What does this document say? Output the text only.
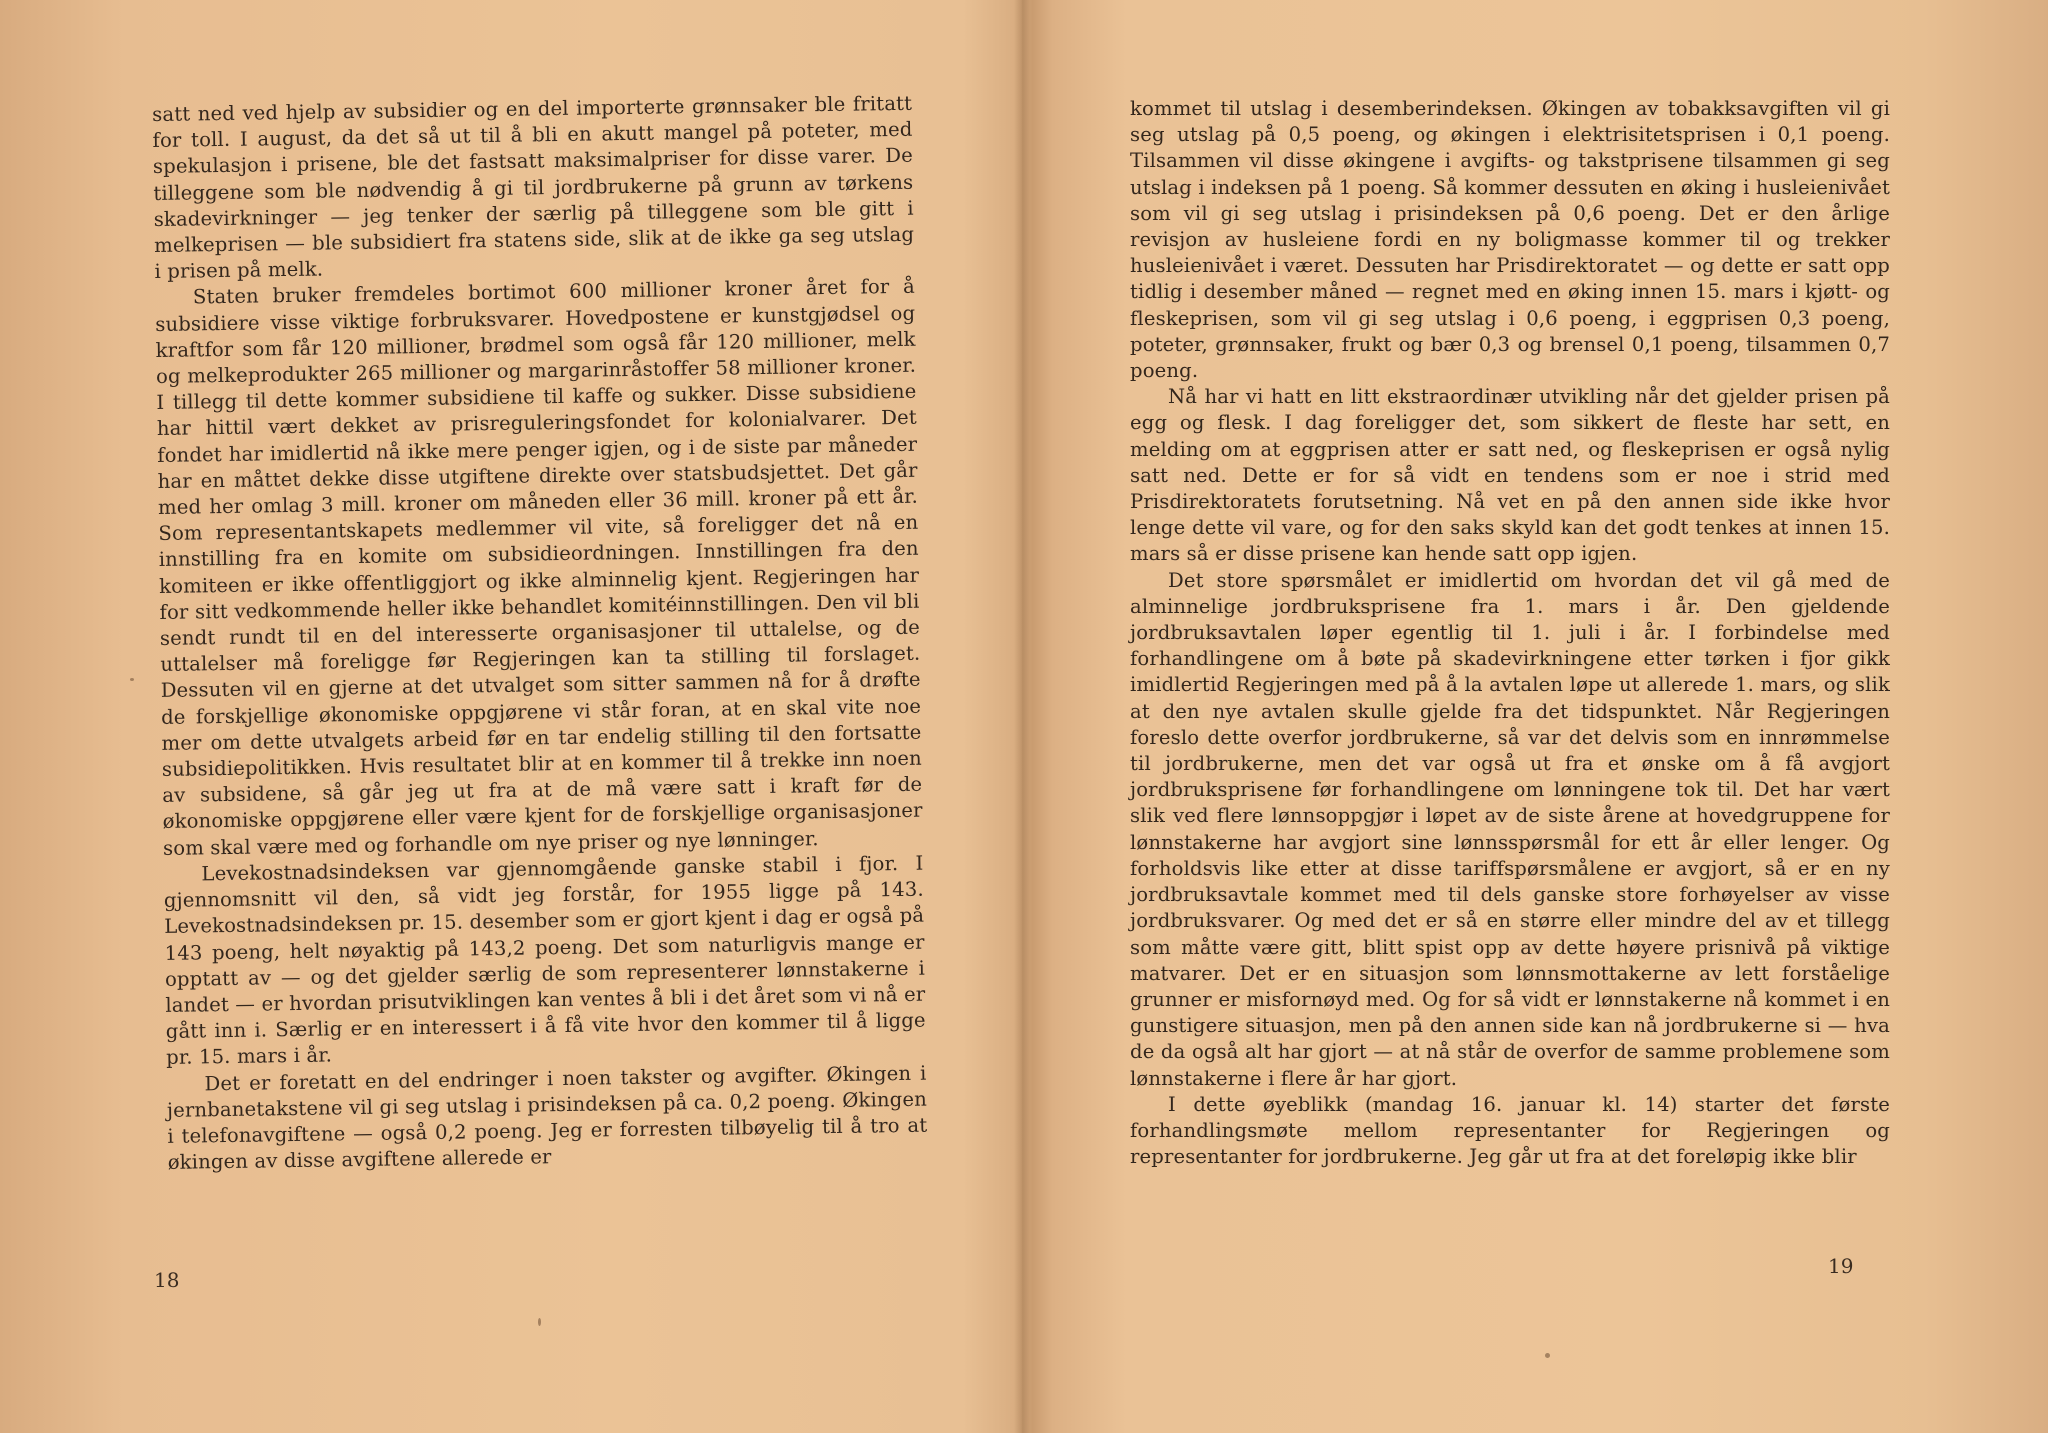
satt ned ved hjelp av subsidier og en del importerte grønnsaker ble fritatt for toll. I august, da det så ut til å bli en akutt mangel på poteter, med spekulasjon i prisene, ble det fastsatt maksimalpriser for disse varer. De tilleggene som ble nødvendig å gi til jordbrukerne på grunn av tørkens skadevirkninger — jeg tenker der særlig på tilleggene som ble gitt i melkeprisen — ble subsidiert fra statens side, slik at de ikke ga seg utslag i prisen på melk.

Staten bruker fremdeles bortimot 600 millioner kroner året for å subsidiere visse viktige forbruksvarer. Hovedpostene er kunstgjødsel og kraftfor som får 120 millioner, brødmel som også får 120 millioner, melk og melkeprodukter 265 millioner og margarinråstoffer 58 millioner kroner. I tillegg til dette kommer subsidiene til kaffe og sukker. Disse subsidiene har hittil vært dekket av prisreguleringsfondet for kolonialvarer. Det fondet har imidlertid nå ikke mere penger igjen, og i de siste par måneder har en måttet dekke disse utgiftene direkte over statsbudsjettet. Det går med her omlag 3 mill. kroner om måneden eller 36 mill. kroner på ett år. Som representantskapets medlemmer vil vite, så foreligger det nå en innstilling fra en komite om subsidieordningen. Innstillingen fra den komiteen er ikke offentliggjort og ikke alminnelig kjent. Regjeringen har for sitt vedkommende heller ikke behandlet komitéinnstillingen. Den vil bli sendt rundt til en del interesserte organisasjoner til uttalelse, og de uttalelser må foreligge før Regjeringen kan ta stilling til forslaget. Dessuten vil en gjerne at det utvalget som sitter sammen nå for å drøfte de forskjellige økonomiske oppgjørene vi står foran, at en skal vite noe mer om dette utvalgets arbeid før en tar endelig stilling til den fortsatte subsidiepolitikken. Hvis resultatet blir at en kommer til å trekke inn noen av subsidene, så går jeg ut fra at de må være satt i kraft før de økonomiske oppgjørene eller være kjent for de forskjellige organisasjoner som skal være med og forhandle om nye priser og nye lønninger.

Levekostnadsindeksen var gjennomgående ganske stabil i fjor. I gjennomsnitt vil den, så vidt jeg forstår, for 1955 ligge på 143. Levekostnadsindeksen pr. 15. desember som er gjort kjent i dag er også på 143 poeng, helt nøyaktig på 143,2 poeng. Det som naturligvis mange er opptatt av — og det gjelder særlig de som representerer lønnstakerne i landet — er hvordan prisutviklingen kan ventes å bli i det året som vi nå er gått inn i. Særlig er en interessert i å få vite hvor den kommer til å ligge pr. 15. mars i år.

Det er foretatt en del endringer i noen takster og avgifter. Økingen i jernbanetakstene vil gi seg utslag i prisindeksen på ca. 0,2 poeng. Økingen i telefonavgiftene — også 0,2 poeng. Jeg er forresten tilbøyelig til å tro at økingen av disse avgiftene allerede er

18

kommet til utslag i desemberindeksen. Økingen av tobakksavgiften vil gi seg utslag på 0,5 poeng, og økingen i elektrisitetsprisen i 0,1 poeng. Tilsammen vil disse økingene i avgifts- og takstprisene tilsammen gi seg utslag i indeksen på 1 poeng. Så kommer dessuten en øking i husleienivået som vil gi seg utslag i prisindeksen på 0,6 poeng. Det er den årlige revisjon av husleiene fordi en ny boligmasse kommer til og trekker husleienivået i været. Dessuten har Prisdirektoratet — og dette er satt opp tidlig i desember måned — regnet med en øking innen 15. mars i kjøtt- og fleskeprisen, som vil gi seg utslag i 0,6 poeng, i eggprisen 0,3 poeng, poteter, grønnsaker, frukt og bær 0,3 og brensel 0,1 poeng, tilsammen 0,7 poeng.

Nå har vi hatt en litt ekstraordinær utvikling når det gjelder prisen på egg og flesk. I dag foreligger det, som sikkert de fleste har sett, en melding om at eggprisen atter er satt ned, og fleskeprisen er også nylig satt ned. Dette er for så vidt en tendens som er noe i strid med Prisdirektoratets forutsetning. Nå vet en på den annen side ikke hvor lenge dette vil vare, og for den saks skyld kan det godt tenkes at innen 15. mars så er disse prisene kan hende satt opp igjen.

Det store spørsmålet er imidlertid om hvordan det vil gå med de alminnelige jordbruksprisene fra 1. mars i år. Den gjeldende jordbruksavtalen løper egentlig til 1. juli i år. I forbindelse med forhandlingene om å bøte på skadevirkningene etter tørken i fjor gikk imidlertid Regjeringen med på å la avtalen løpe ut allerede 1. mars, og slik at den nye avtalen skulle gjelde fra det tidspunktet. Når Regjeringen foreslo dette overfor jordbrukerne, så var det delvis som en innrømmelse til jordbrukerne, men det var også ut fra et ønske om å få avgjort jordbruksprisene før forhandlingene om lønningene tok til. Det har vært slik ved flere lønnsoppgjør i løpet av de siste årene at hovedgruppene for lønnstakerne har avgjort sine lønnsspørsmål for ett år eller lenger. Og forholdsvis like etter at disse tariffspørsmålene er avgjort, så er en ny jordbruksavtale kommet med til dels ganske store forhøyelser av visse jordbruksvarer. Og med det er så en større eller mindre del av et tillegg som måtte være gitt, blitt spist opp av dette høyere prisnivå på viktige matvarer. Det er en situasjon som lønnsmottakerne av lett forståelige grunner er misfornøyd med. Og for så vidt er lønnstakerne nå kommet i en gunstigere situasjon, men på den annen side kan nå jordbrukerne si — hva de da også alt har gjort — at nå står de overfor de samme problemene som lønnstakerne i flere år har gjort.

I dette øyeblikk (mandag 16. januar kl. 14) starter det første forhandlingsmøte mellom representanter for Regjeringen og representanter for jordbrukerne. Jeg går ut fra at det foreløpig ikke blir

19
